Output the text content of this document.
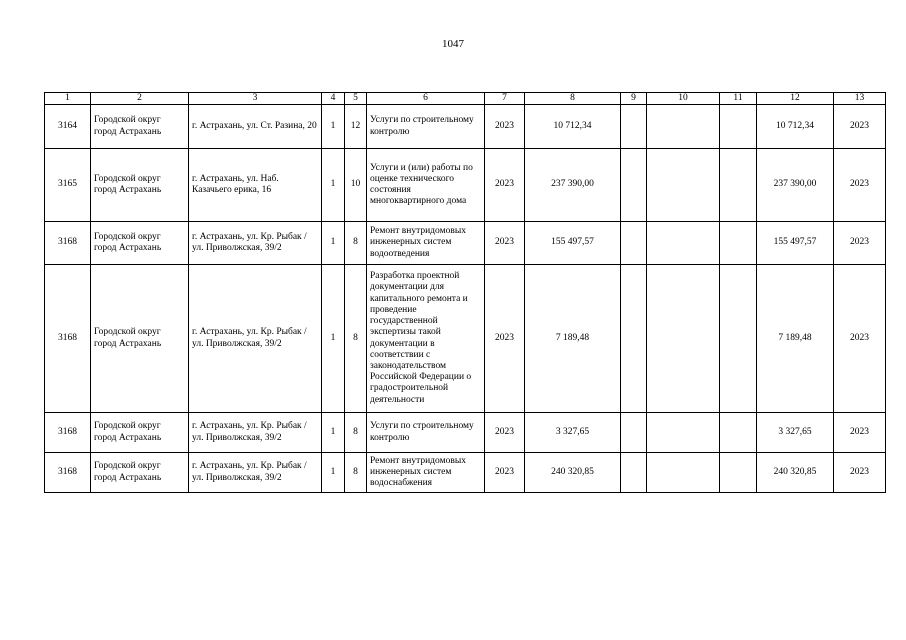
1047
1	2	3	4	5	6	7	8	9	10	11	12	13
3164	Городской округ город Астрахань	г. Астрахань, ул. Ст. Разина, 20	1	12	Услуги по строительному контролю	2023	10 712,34				10 712,34	2023
3165	Городской округ город Астрахань	г. Астрахань, ул. Наб. Казачьего ерика, 16	1	10	Услуги и (или) работы по оценке технического состояния многоквартирного дома	2023	237 390,00				237 390,00	2023
3168	Городской округ город Астрахань	г. Астрахань, ул. Кр. Рыбак / ул. Приволжская, 39/2	1	8	Ремонт внутридомовых инженерных систем водоотведения	2023	155 497,57				155 497,57	2023
3168	Городской округ город Астрахань	г. Астрахань, ул. Кр. Рыбак / ул. Приволжская, 39/2	1	8	Разработка проектной документации для капитального ремонта и проведение государственной экспертизы такой документации в соответствии с законодательством Российской Федерации о градостроительной деятельности	2023	7 189,48				7 189,48	2023
3168	Городской округ город Астрахань	г. Астрахань, ул. Кр. Рыбак / ул. Приволжская, 39/2	1	8	Услуги по строительному контролю	2023	3 327,65				3 327,65	2023
3168	Городской округ город Астрахань	г. Астрахань, ул. Кр. Рыбак / ул. Приволжская, 39/2	1	8	Ремонт внутридомовых инженерных систем водоснабжения	2023	240 320,85				240 320,85	2023
